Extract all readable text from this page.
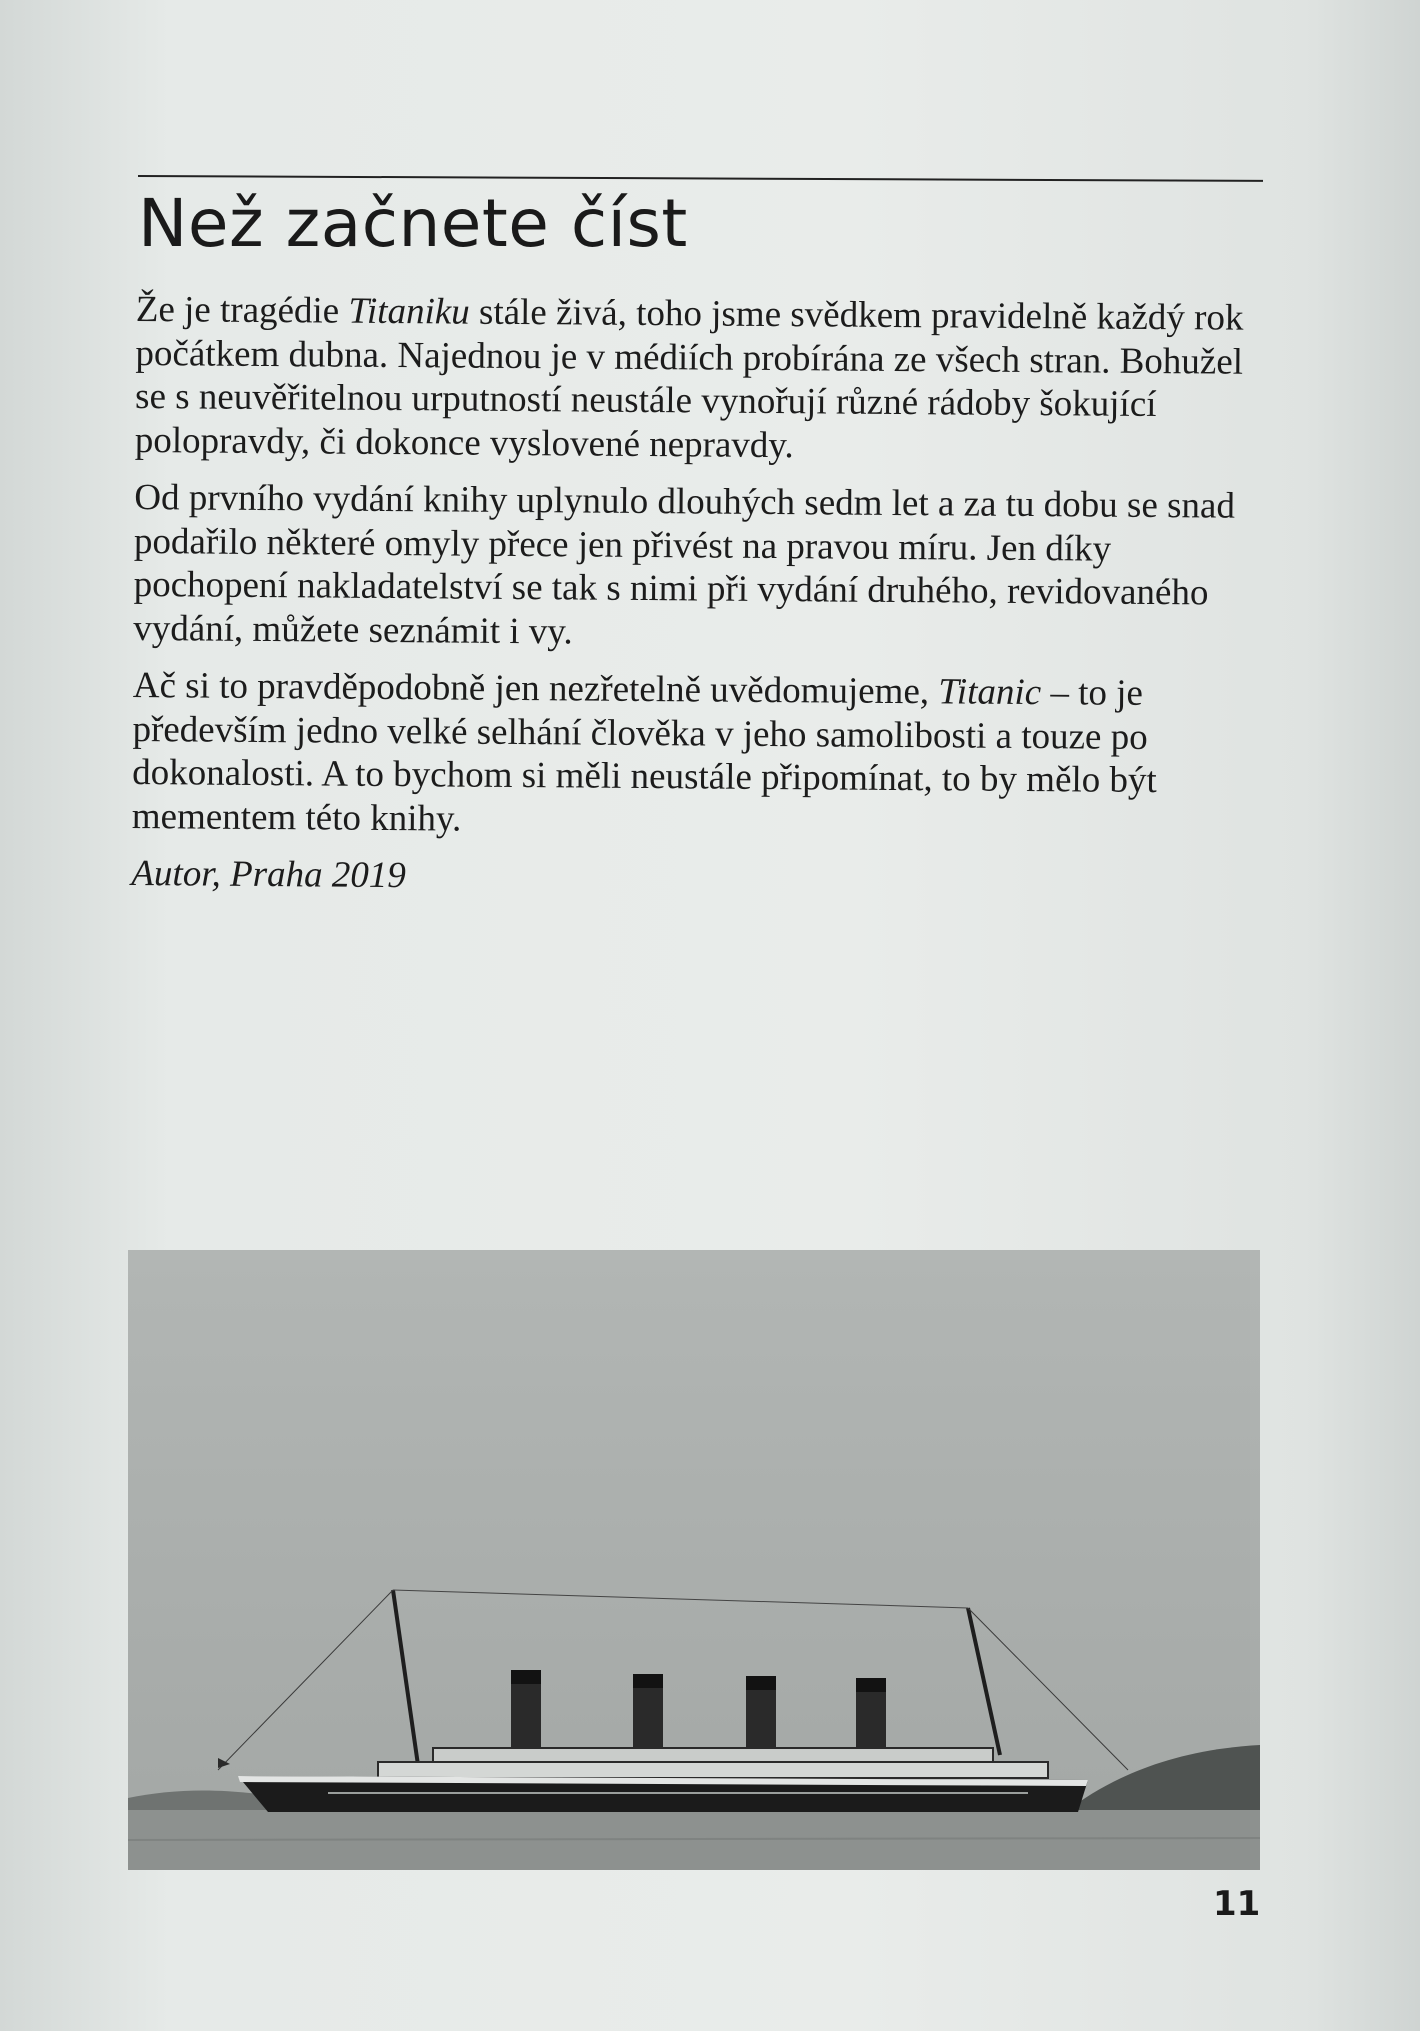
Než začnete číst

Že je tragédie Titaniku stále živá, toho jsme svědkem pravidelně každý rok počátkem dubna. Najednou je v médiích probírána ze všech stran. Bohužel se s neuvěřitelnou urputností neustále vynořují různé rádoby šokující polopravdy, či dokonce vyslovené nepravdy.

Od prvního vydání knihy uplynulo dlouhých sedm let a za tu dobu se snad podařilo některé omyly přece jen přivést na pravou míru. Jen díky pochopení nakladatelství se tak s nimi při vydání druhého, revidovaného vydání, můžete seznámit i vy.

Ač si to pravděpodobně jen nezřetelně uvědomujeme, Titanic – to je především jedno velké selhání člověka v jeho samolibosti a touze po dokonalosti. A to bychom si měli neustále připomínat, to by mělo být mementem této knihy.

Autor, Praha 2019
11
